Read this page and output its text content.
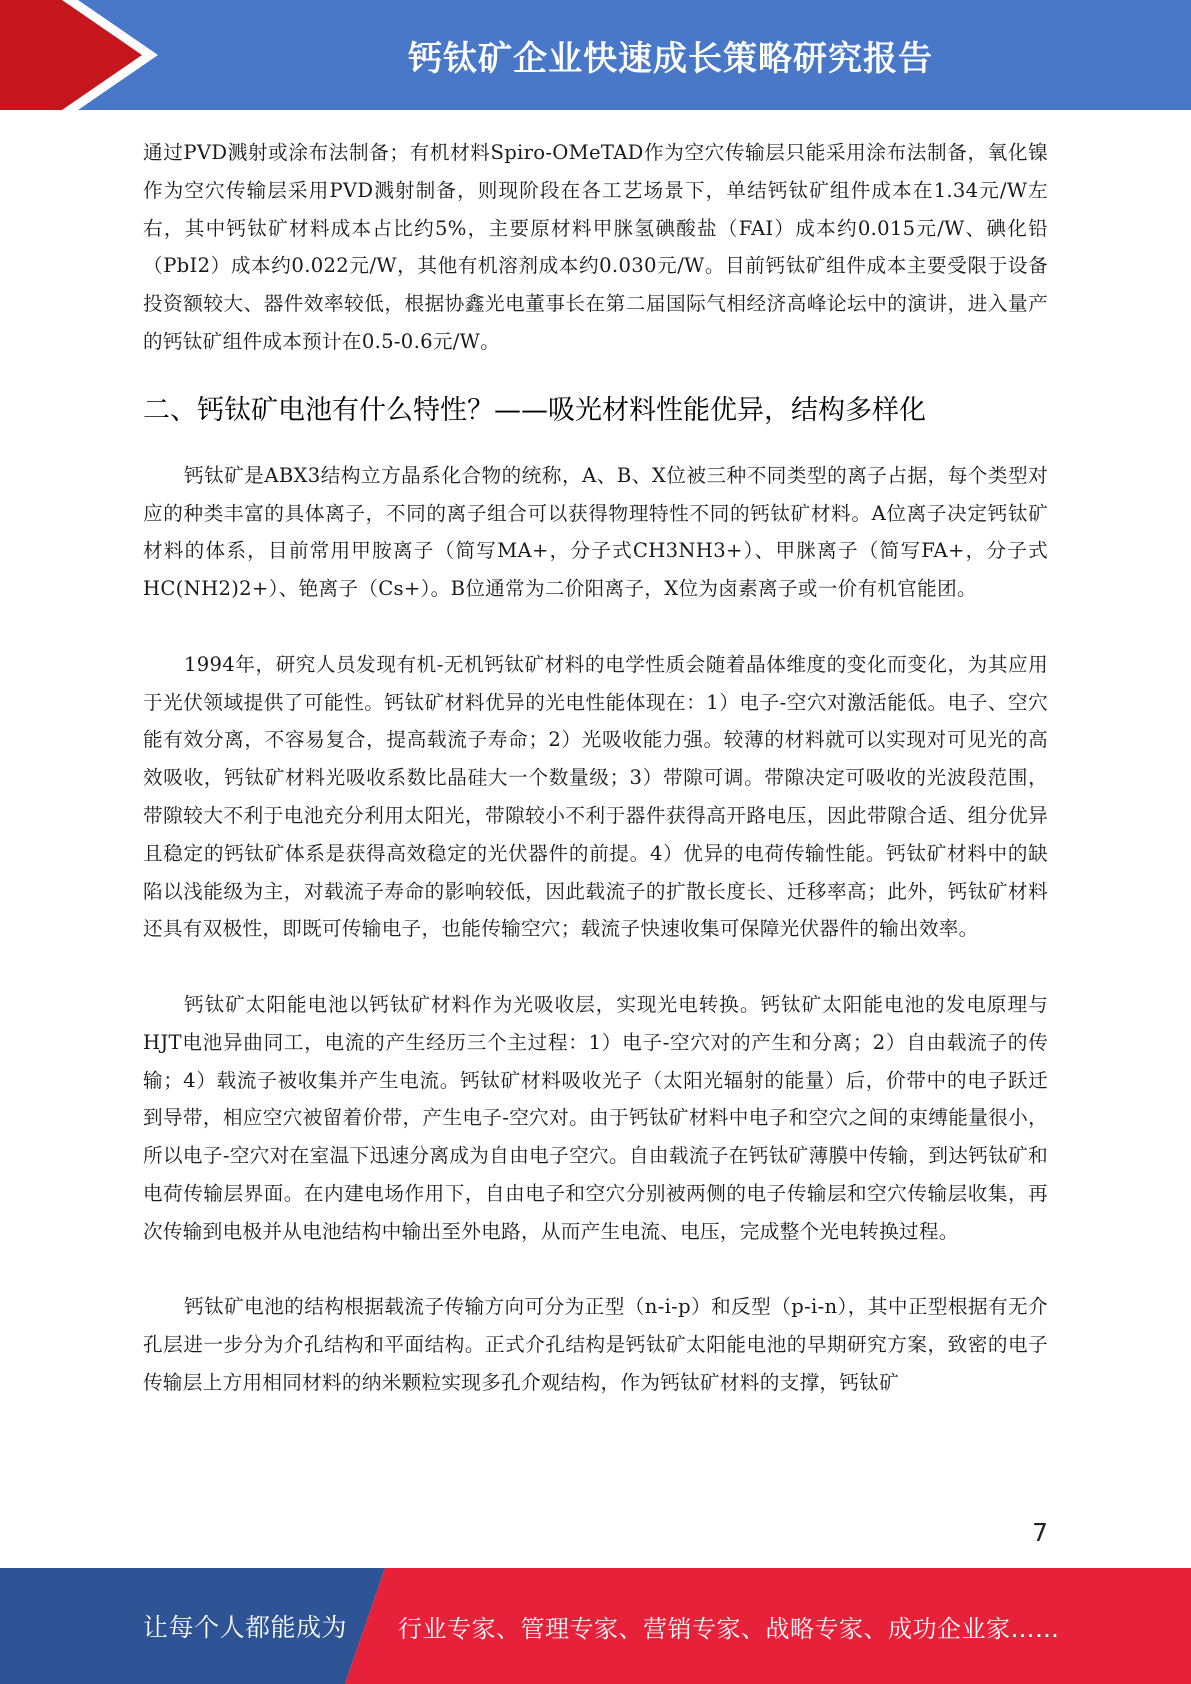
钙钛矿企业快速成长策略研究报告

通过PVD溅射或涂布法制备；有机材料Spiro-OMeTAD作为空穴传输层只能采用涂布法制备，氧化镍作为空穴传输层采用PVD溅射制备，则现阶段在各工艺场景下，单结钙钛矿组件成本在1.34元/W左右，其中钙钛矿材料成本占比约5%，主要原材料甲脒氢碘酸盐（FAI）成本约0.015元/W、碘化铅（PbI2）成本约0.022元/W，其他有机溶剂成本约0.030元/W。目前钙钛矿组件成本主要受限于设备投资额较大、器件效率较低，根据协鑫光电董事长在第二届国际气相经济高峰论坛中的演讲，进入量产的钙钛矿组件成本预计在0.5-0.6元/W。

二、钙钛矿电池有什么特性？——吸光材料性能优异，结构多样化

钙钛矿是ABX3结构立方晶系化合物的统称，A、B、X位被三种不同类型的离子占据，每个类型对应的种类丰富的具体离子，不同的离子组合可以获得物理特性不同的钙钛矿材料。A位离子决定钙钛矿材料的体系，目前常用甲胺离子（简写MA+，分子式CH3NH3+）、甲脒离子（简写FA+，分子式HC(NH2)2+）、铯离子（Cs+）。B位通常为二价阳离子，X位为卤素离子或一价有机官能团。

1994年，研究人员发现有机-无机钙钛矿材料的电学性质会随着晶体维度的变化而变化，为其应用于光伏领域提供了可能性。钙钛矿材料优异的光电性能体现在：1）电子-空穴对激活能低。电子、空穴能有效分离，不容易复合，提高载流子寿命；2）光吸收能力强。较薄的材料就可以实现对可见光的高效吸收，钙钛矿材料光吸收系数比晶硅大一个数量级；3）带隙可调。带隙决定可吸收的光波段范围，带隙较大不利于电池充分利用太阳光，带隙较小不利于器件获得高开路电压，因此带隙合适、组分优异且稳定的钙钛矿体系是获得高效稳定的光伏器件的前提。4）优异的电荷传输性能。钙钛矿材料中的缺陷以浅能级为主，对载流子寿命的影响较低，因此载流子的扩散长度长、迁移率高；此外，钙钛矿材料还具有双极性，即既可传输电子，也能传输空穴；载流子快速收集可保障光伏器件的输出效率。

钙钛矿太阳能电池以钙钛矿材料作为光吸收层，实现光电转换。钙钛矿太阳能电池的发电原理与HJT电池异曲同工，电流的产生经历三个主过程：1）电子-空穴对的产生和分离；2）自由载流子的传输；4）载流子被收集并产生电流。钙钛矿材料吸收光子（太阳光辐射的能量）后，价带中的电子跃迁到导带，相应空穴被留着价带，产生电子-空穴对。由于钙钛矿材料中电子和空穴之间的束缚能量很小，所以电子-空穴对在室温下迅速分离成为自由电子空穴。自由载流子在钙钛矿薄膜中传输，到达钙钛矿和电荷传输层界面。在内建电场作用下，自由电子和空穴分别被两侧的电子传输层和空穴传输层收集，再次传输到电极并从电池结构中输出至外电路，从而产生电流、电压，完成整个光电转换过程。

钙钛矿电池的结构根据载流子传输方向可分为正型（n-i-p）和反型（p-i-n），其中正型根据有无介孔层进一步分为介孔结构和平面结构。正式介孔结构是钙钛矿太阳能电池的早期研究方案，致密的电子传输层上方用相同材料的纳米颗粒实现多孔介观结构，作为钙钛矿材料的支撑，钙钛矿

7
让每个人都能成为 行业专家、管理专家、营销专家、战略专家、成功企业家……
